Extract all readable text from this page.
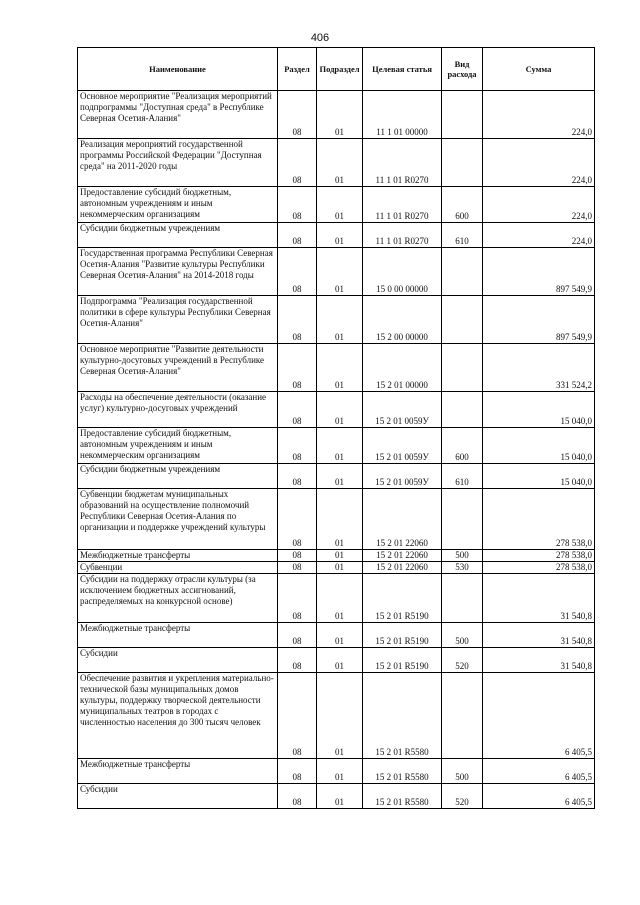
406
Наименование	Раздел	Подраздел	Целевая статья	Вид расхода	Сумма
Основное мероприятие "Реализация мероприятий подпрограммы "Доступная среда" в Республике Северная Осетия-Алания"	08	01	11 1 01 00000		224,0
Реализация мероприятий государственной программы Российской Федерации "Доступная среда" на 2011-2020 годы	08	01	11 1 01 R0270		224,0
Предоставление субсидий бюджетным, автономным учреждениям и иным некоммерческим организациям	08	01	11 1 01 R0270	600	224,0
Субсидии бюджетным учреждениям	08	01	11 1 01 R0270	610	224,0
Государственная программа Республики Северная Осетия-Алания "Развитие культуры Республики Северная Осетия-Алания" на 2014-2018 годы	08	01	15 0 00 00000		897 549,9
Подпрограмма "Реализация государственной политики в сфере культуры Республики Северная Осетия-Алания"	08	01	15 2 00 00000		897 549,9
Основное мероприятие "Развитие деятельности культурно-досуговых учреждений в Республике Северная Осетия-Алания"	08	01	15 2 01 00000		331 524,2
Расходы на обеспечение деятельности (оказание услуг) культурно-досуговых учреждений	08	01	15 2 01 0059У		15 040,0
Предоставление субсидий бюджетным, автономным учреждениям и иным некоммерческим организациям	08	01	15 2 01 0059У	600	15 040,0
Субсидии бюджетным учреждениям	08	01	15 2 01 0059У	610	15 040,0
Субвенции бюджетам муниципальных образований на осуществление полномочий Республики Северная Осетия-Алания по организации и поддержке учреждений культуры	08	01	15 2 01 22060		278 538,0
Межбюджетные трансферты	08	01	15 2 01 22060	500	278 538,0
Субвенции	08	01	15 2 01 22060	530	278 538,0
Субсидии на поддержку отрасли культуры (за исключением бюджетных ассигнований, распределяемых на конкурсной основе)	08	01	15 2 01 R5190		31 540,8
Межбюджетные трансферты	08	01	15 2 01 R5190	500	31 540,8
Субсидии	08	01	15 2 01 R5190	520	31 540,8
Обеспечение развития и укрепления материально-технической базы муниципальных домов культуры, поддержку творческой деятельности муниципальных театров в городах с численностью населения до 300 тысяч человек	08	01	15 2 01 R5580		6 405,5
Межбюджетные трансферты	08	01	15 2 01 R5580	500	6 405,5
Субсидии	08	01	15 2 01 R5580	520	6 405,5
